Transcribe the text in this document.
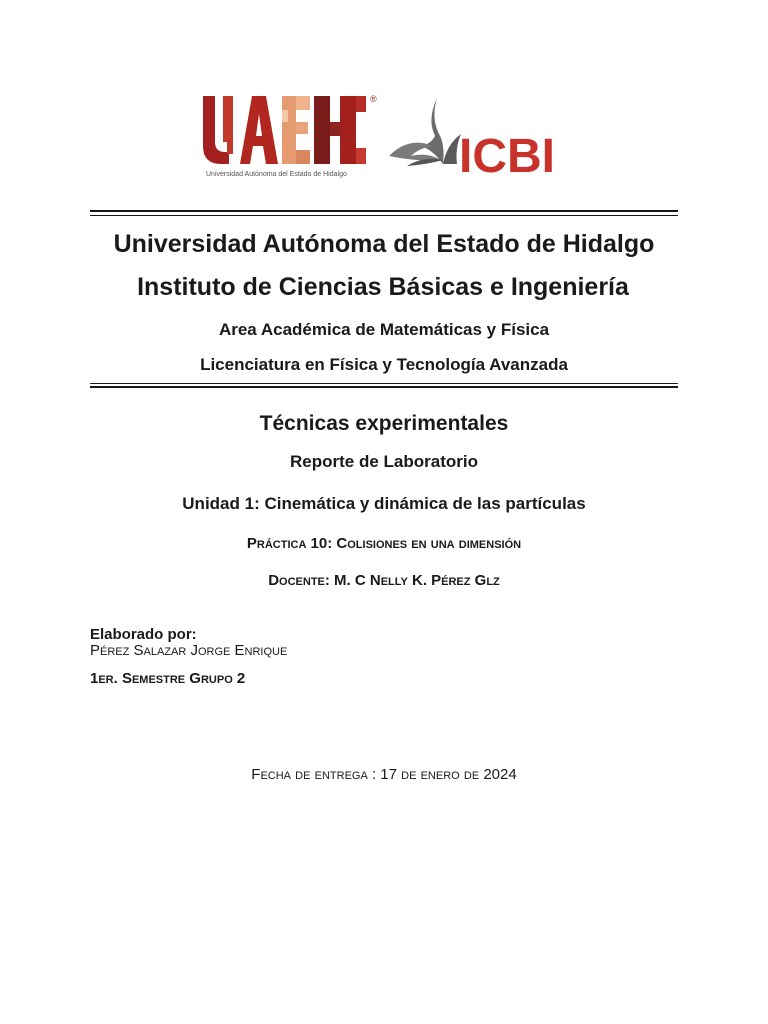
®
Universidad Autónoma del Estado de Hidalgo ICBI
Universidad Autónoma del Estado de Hidalgo
Instituto de Ciencias Básicas e Ingeniería
Area Académica de Matemáticas y Física
Licenciatura en Física y Tecnología Avanzada
Técnicas experimentales
Reporte de Laboratorio
Unidad 1: Cinemática y dinámica de las partículas
Práctica 10: Colisiones en una dimensión
Docente: M. C Nelly K. Pérez Glz
Elaborado por:
Pérez Salazar Jorge Enrique
1er. Semestre Grupo 2
Fecha de entrega : 17 de enero de 2024
